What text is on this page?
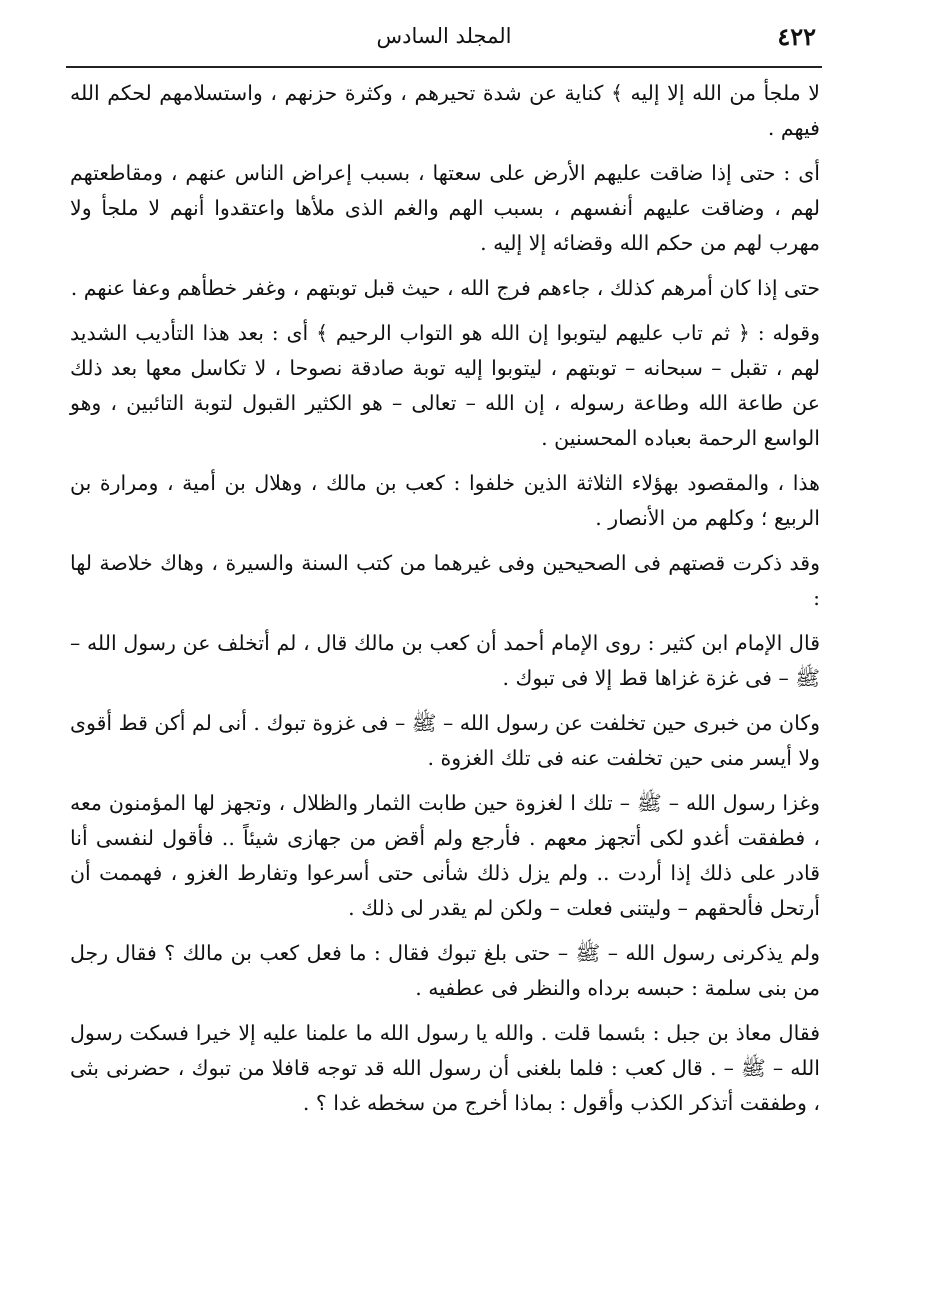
٤٢٢
المجلد السادس

لا ملجأ من الله إلا إليه ﴾ كناية عن شدة تحيرهم ، وكثرة حزنهم ، واستسلامهم لحكم الله فيهم .

أى : حتى إذا ضاقت عليهم الأرض على سعتها ، بسبب إعراض الناس عنهم ، ومقاطعتهم لهم ، وضاقت عليهم أنفسهم ، بسبب الهم والغم الذى ملأها واعتقدوا أنهم لا ملجأ ولا مهرب لهم من حكم الله وقضائه إلا إليه .

حتى إذا كان أمرهم كذلك ، جاءهم فرج الله ، حيث قبل توبتهم ، وغفر خطأهم وعفا عنهم .

وقوله : ﴿ ثم تاب عليهم ليتوبوا إن الله هو التواب الرحيم ﴾ أى : بعد هذا التأديب الشديد لهم ، تقبل – سبحانه – توبتهم ، ليتوبوا إليه توبة صادقة نصوحا ، لا تكاسل معها بعد ذلك عن طاعة الله وطاعة رسوله ، إن الله – تعالى – هو الكثير القبول لتوبة التائبين ، وهو الواسع الرحمة بعباده المحسنين .

هذا ، والمقصود بهؤلاء الثلاثة الذين خلفوا : كعب بن مالك ، وهلال بن أمية ، ومرارة بن الربيع ؛ وكلهم من الأنصار .

وقد ذكرت قصتهم فى الصحيحين وفى غيرهما من كتب السنة والسيرة ، وهاك خلاصة لها :

قال الإمام ابن كثير : روى الإمام أحمد أن كعب بن مالك قال ، لم أتخلف عن رسول الله – ﷺ – فى غزة غزاها قط إلا فى تبوك .

وكان من خبرى حين تخلفت عن رسول الله – ﷺ – فى غزوة تبوك . أنى لم أكن قط أقوى ولا أيسر منى حين تخلفت عنه فى تلك الغزوة .

وغزا رسول الله – ﷺ – تلك ا لغزوة حين طابت الثمار والظلال ، وتجهز لها المؤمنون معه ، فطفقت أغدو لكى أتجهز معهم . فأرجع ولم أقض من جهازى شيئاً .. فأقول لنفسى أنا قادر على ذلك إذا أردت .. ولم يزل ذلك شأنى حتى أسرعوا وتفارط الغزو ، فهممت أن أرتحل فألحقهم – وليتنى فعلت – ولكن لم يقدر لى ذلك .

ولم يذكرنى رسول الله – ﷺ – حتى بلغ تبوك فقال : ما فعل كعب بن مالك ؟ فقال رجل من بنى سلمة : حبسه برداه والنظر فى عطفيه .

فقال معاذ بن جبل : بئسما قلت . والله يا رسول الله ما علمنا عليه إلا خيرا فسكت رسول الله – ﷺ – . قال كعب : فلما بلغنى أن رسول الله قد توجه قافلا من تبوك ، حضرنى بثى ، وطفقت أتذكر الكذب وأقول : بماذا أخرج من سخطه غدا ؟ .
